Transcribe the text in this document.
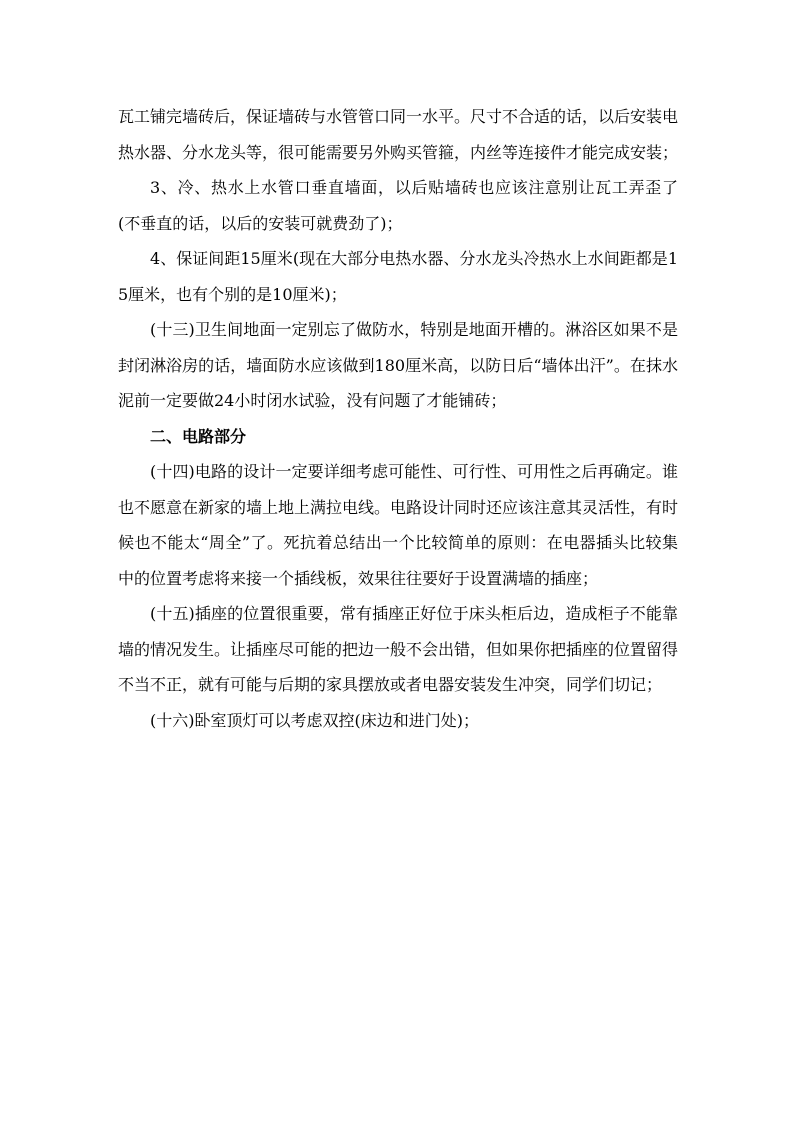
瓦工铺完墙砖后，保证墙砖与水管管口同一水平。尺寸不合适的话，以后安装电热水器、分水龙头等，很可能需要另外购买管箍，内丝等连接件才能完成安装；

3、冷、热水上水管口垂直墙面，以后贴墙砖也应该注意别让瓦工弄歪了(不垂直的话，以后的安装可就费劲了)；

4、保证间距15厘米(现在大部分电热水器、分水龙头冷热水上水间距都是15厘米，也有个别的是10厘米)；

(十三)卫生间地面一定别忘了做防水，特别是地面开槽的。淋浴区如果不是封闭淋浴房的话，墙面防水应该做到180厘米高，以防日后“墙体出汗”。在抹水泥前一定要做24小时闭水试验，没有问题了才能铺砖；

二、电路部分

(十四)电路的设计一定要详细考虑可能性、可行性、可用性之后再确定。谁也不愿意在新家的墙上地上满拉电线。电路设计同时还应该注意其灵活性，有时候也不能太“周全”了。死抗着总结出一个比较简单的原则：在电器插头比较集中的位置考虑将来接一个插线板，效果往往要好于设置满墙的插座；

(十五)插座的位置很重要，常有插座正好位于床头柜后边，造成柜子不能靠墙的情况发生。让插座尽可能的把边一般不会出错，但如果你把插座的位置留得不当不正，就有可能与后期的家具摆放或者电器安装发生冲突，同学们切记；

(十六)卧室顶灯可以考虑双控(床边和进门处)；
